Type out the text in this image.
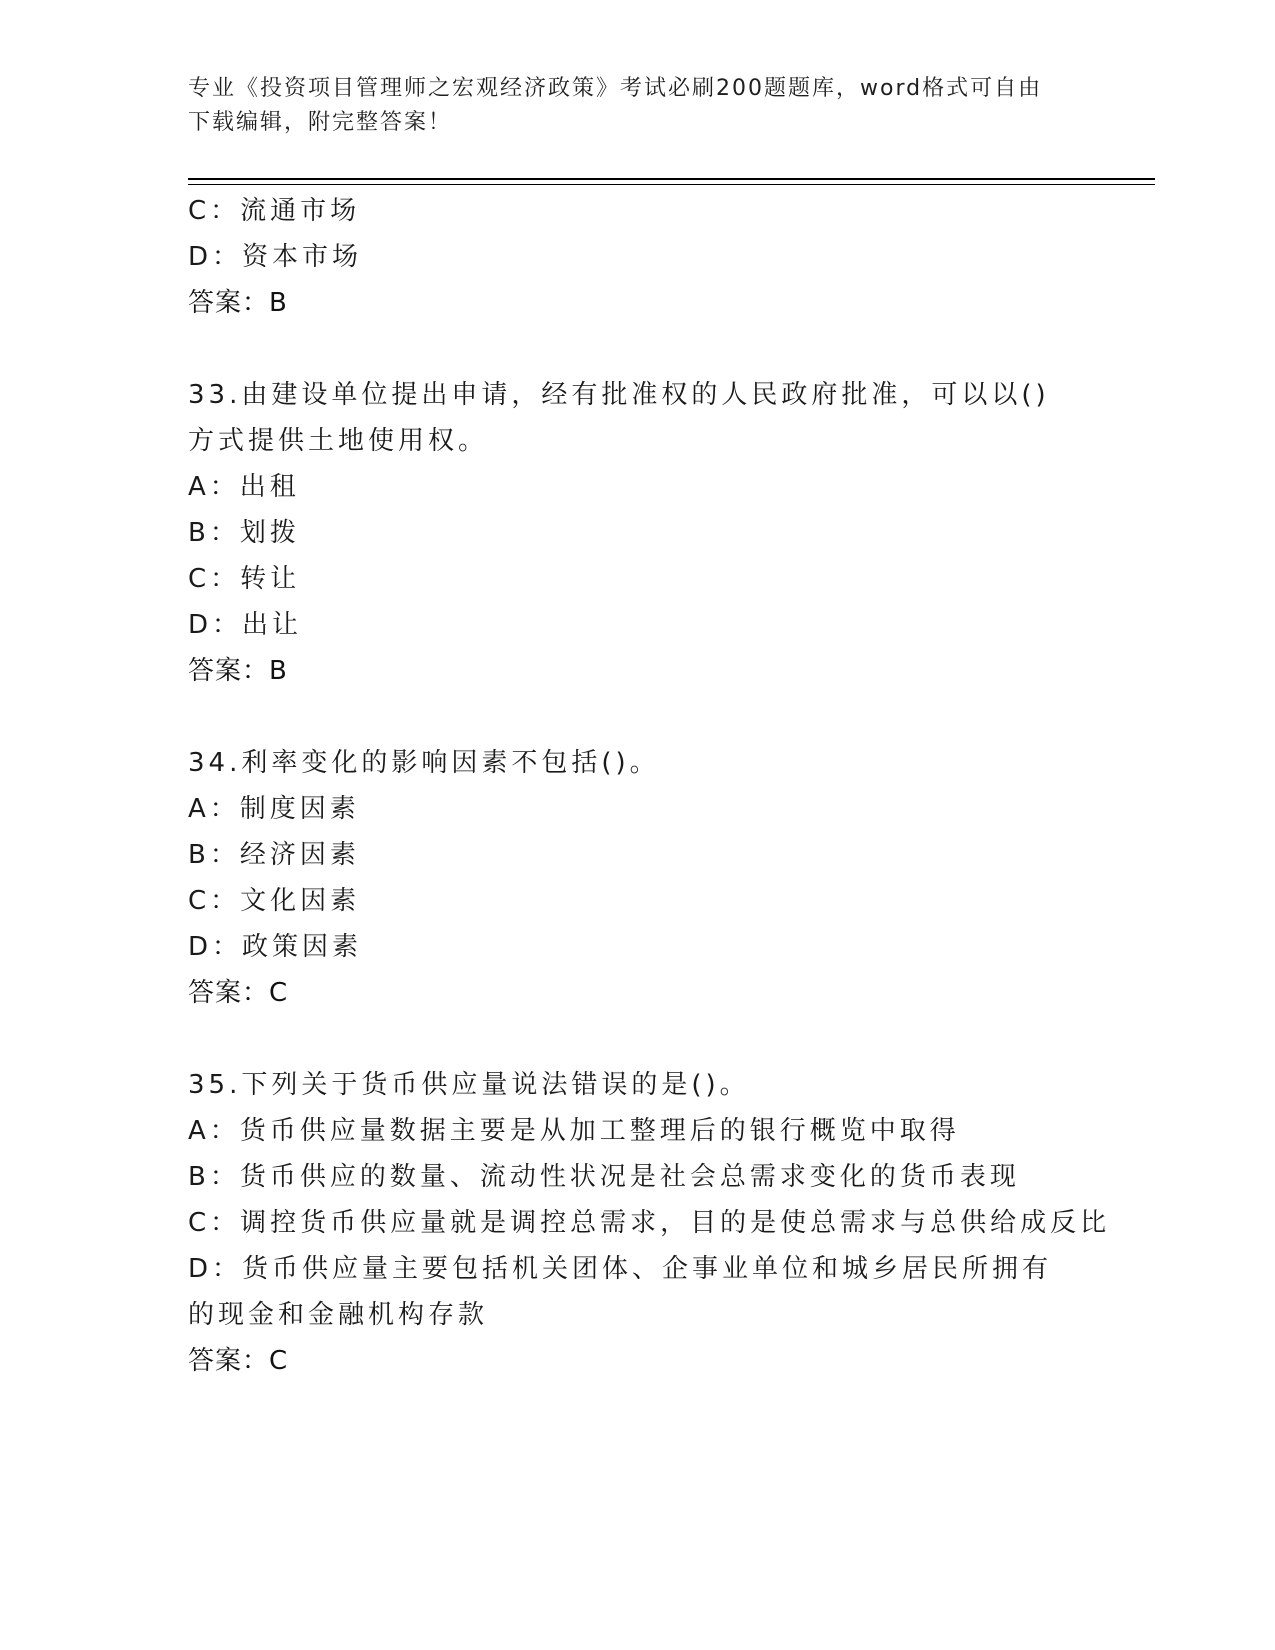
专业《投资项目管理师之宏观经济政策》考试必刷200题题库，word格式可自由
下载编辑，附完整答案！
C：流通市场
D：资本市场
答案：B
33.由建设单位提出申请，经有批准权的人民政府批准，可以以()方式提供土地使用权。
A：出租
B：划拨
C：转让
D：出让
答案：B
34.利率变化的影响因素不包括()。
A：制度因素
B：经济因素
C：文化因素
D：政策因素
答案：C
35.下列关于货币供应量说法错误的是()。
A：货币供应量数据主要是从加工整理后的银行概览中取得
B：货币供应的数量、流动性状况是社会总需求变化的货币表现
C：调控货币供应量就是调控总需求，目的是使总需求与总供给成反比
D：货币供应量主要包括机关团体、企事业单位和城乡居民所拥有的现金和金融机构存款
答案：C
